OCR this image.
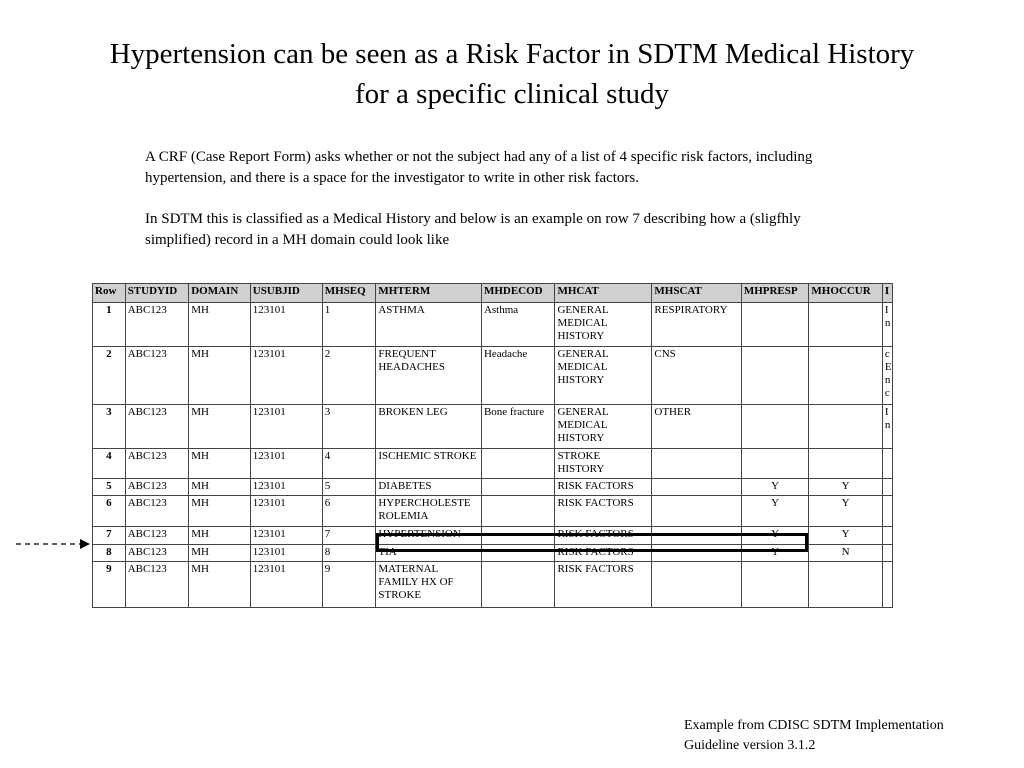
Hypertension can be seen as a Risk Factor in SDTM Medical History
for a specific clinical study

A CRF (Case Report Form) asks whether or not the subject had any of a list of 4 specific risk factors, including hypertension, and there is a space for the investigator to write in other risk factors.

In SDTM this is classified as a Medical History and below is an example on row 7 describing how a (sligfhly simplified) record in a MH domain could look like

Row	STUDYID	DOMAIN	USUBJID	MHSEQ	MHTERM	MHDECOD	MHCAT	MHSCAT	MHPRESP	MHOCCUR	I
1	ABC123	MH	123101	1	ASTHMA	Asthma	GENERAL MEDICAL HISTORY	RESPIRATORY			I
n
2	ABC123	MH	123101	2	FREQUENT HEADACHES	Headache	GENERAL MEDICAL HISTORY	CNS			c
E
n
c
3	ABC123	MH	123101	3	BROKEN LEG	Bone fracture	GENERAL MEDICAL HISTORY	OTHER			I
n
4	ABC123	MH	123101	4	ISCHEMIC STROKE		STROKE HISTORY				
5	ABC123	MH	123101	5	DIABETES		RISK FACTORS		Y	Y	
6	ABC123	MH	123101	6	HYPERCHOLESTE ROLEMIA		RISK FACTORS		Y	Y	
7	ABC123	MH	123101	7	HYPERTENSION		RISK FACTORS		Y	Y	
8	ABC123	MH	123101	8	TIA		RISK FACTORS		Y	N	
9	ABC123	MH	123101	9	MATERNAL FAMILY HX OF STROKE		RISK FACTORS				
Example from CDISC SDTM Implementation
Guideline version 3.1.2
